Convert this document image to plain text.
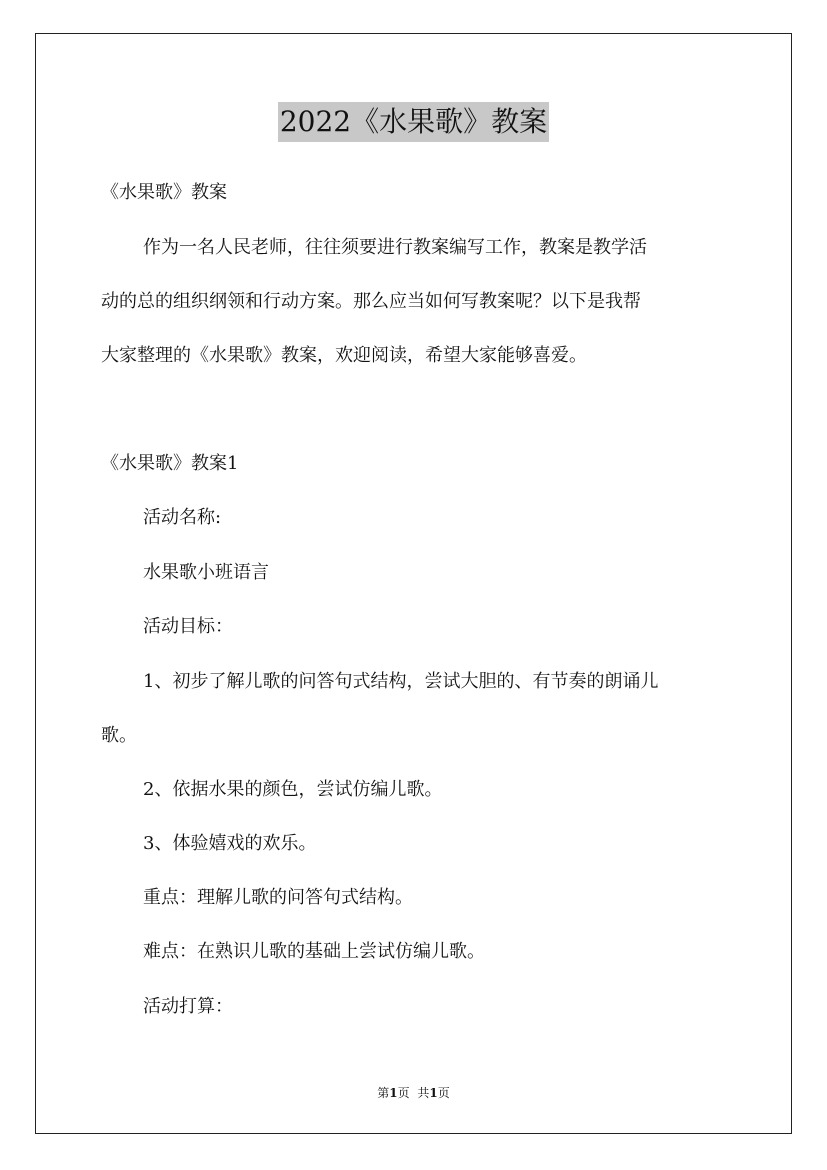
2022《水果歌》教案
《水果歌》教案
作为一名人民老师，往往须要进行教案编写工作，教案是教学活
动的总的组织纲领和行动方案。那么应当如何写教案呢？以下是我帮
大家整理的《水果歌》教案，欢迎阅读，希望大家能够喜爱。
《水果歌》教案1
活动名称:
水果歌小班语言
活动目标：
1、初步了解儿歌的问答句式结构，尝试大胆的、有节奏的朗诵儿
歌。
2、依据水果的颜色，尝试仿编儿歌。
3、体验嬉戏的欢乐。
重点：理解儿歌的问答句式结构。
难点：在熟识儿歌的基础上尝试仿编儿歌。
活动打算：
第1页 共1页
